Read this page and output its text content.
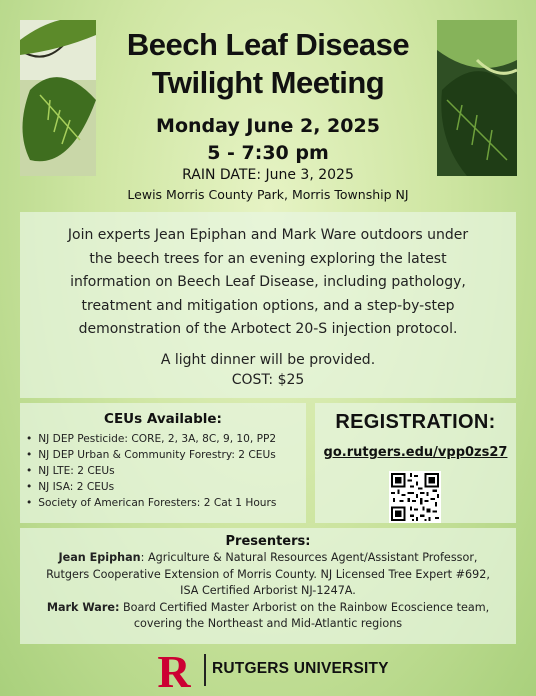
Beech Leaf Disease
Twilight Meeting
Monday June 2, 2025
5 - 7:30 pm
RAIN DATE: June 3, 2025
Lewis Morris County Park, Morris Township NJ
Join experts Jean Epiphan and Mark Ware outdoors under
the beech trees for an evening exploring the latest
information on Beech Leaf Disease, including pathology,
treatment and mitigation options, and a step-by-step
demonstration of the Arbotect 20-S injection protocol.
A light dinner will be provided.
COST: $25
CEUs Available:
• NJ DEP Pesticide: CORE, 2, 3A, 8C, 9, 10, PP2
• NJ DEP Urban & Community Forestry: 2 CEUs
• NJ LTE: 2 CEUs
• NJ ISA: 2 CEUs
• Society of American Foresters: 2 Cat 1 Hours
REGISTRATION:
go.rutgers.edu/vpp0zs27
Presenters:
Jean Epiphan: Agriculture & Natural Resources Agent/Assistant Professor,
Rutgers Cooperative Extension of Morris County. NJ Licensed Tree Expert #692,
ISA Certified Arborist NJ-1247A.
Mark Ware: Board Certified Master Arborist on the Rainbow Ecoscience team,
covering the Northeast and Mid-Atlantic regions
R RUTGERS UNIVERSITY
